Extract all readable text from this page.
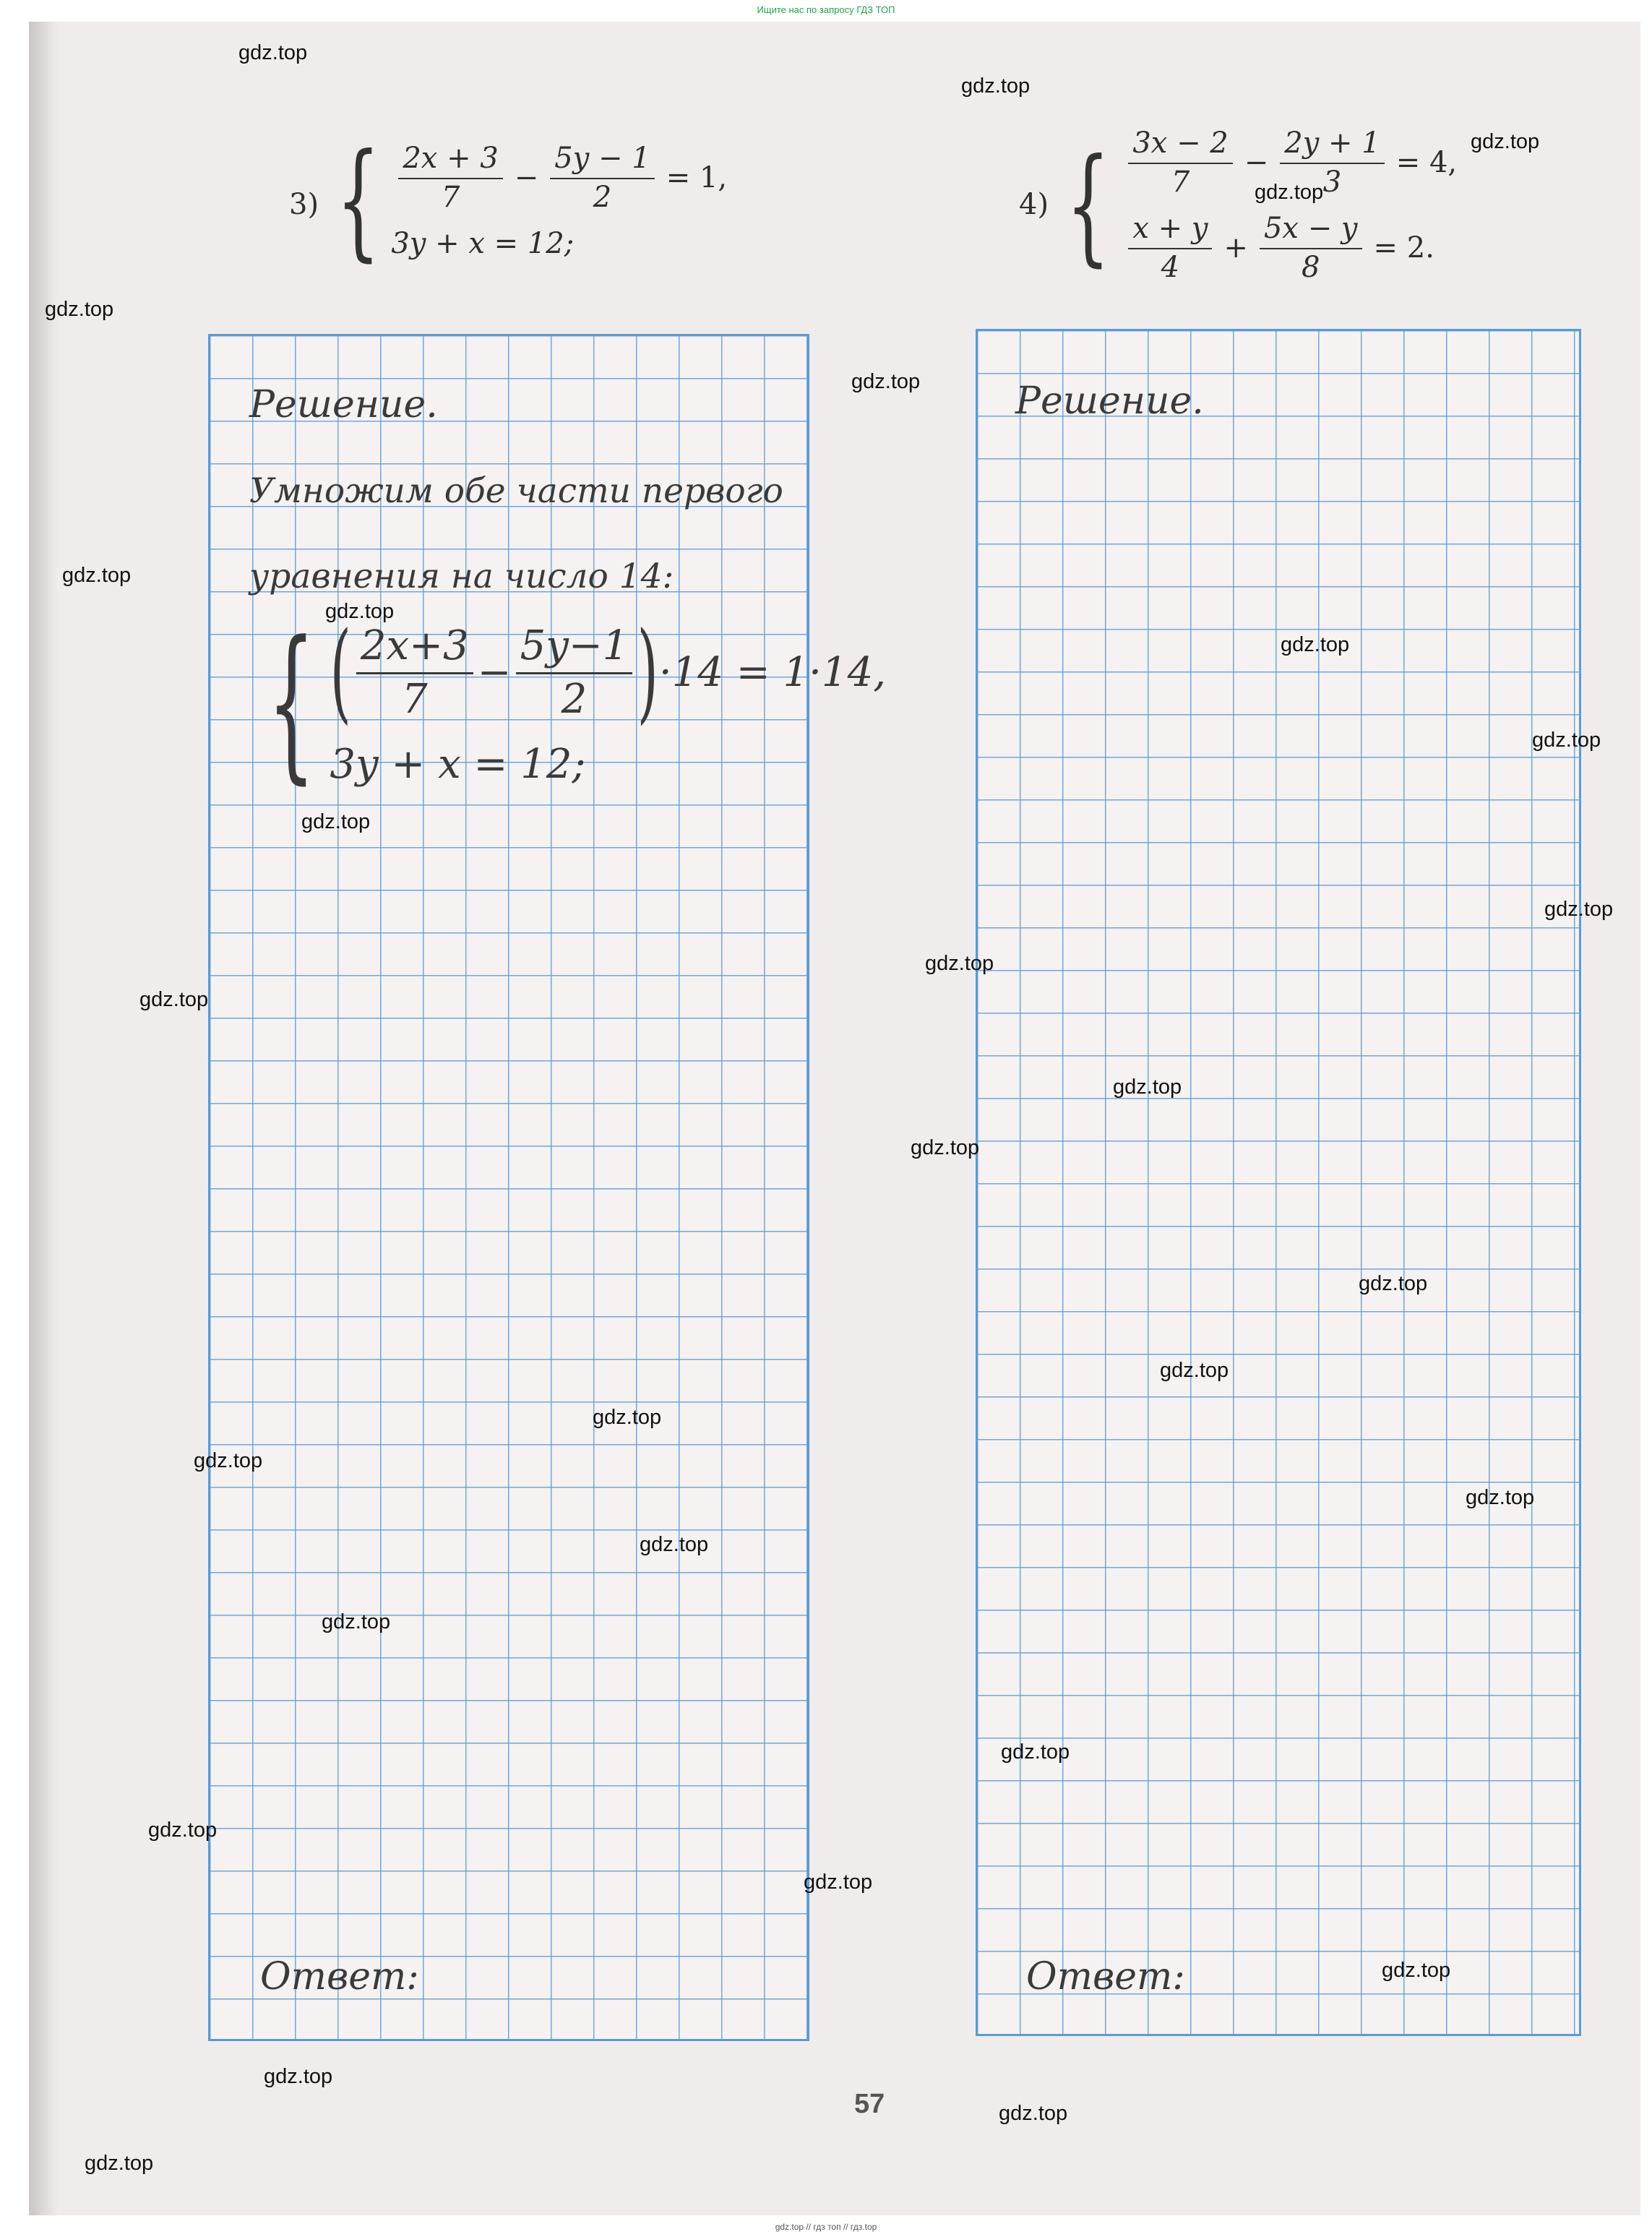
Ищите нас по запросу ГДЗ ТОП
3) { $\frac{2x + 3}{7} - \frac{5y - 1}{2} = 1$,
3y + x = 12;
4) { $\frac{3x - 2}{7} - \frac{2y + 1}{3} = 4$,
$\frac{x + y}{4} + \frac{5x - y}{8} = 2$.
Решение.
Умножим обе части первого
уравнения на число 14:
{ ( $\frac{2x+3}{7} - \frac{5y-1}{2}$ ) ·14 = 1·14,
3y + x = 12;
Ответ:
Решение.
Ответ:
57
gdz.top
gdz.top
gdz.top
gdz.top
gdz.top
gdz.top
gdz.top
gdz.top
gdz.top
gdz.top
gdz.top
gdz.top
gdz.top
gdz.top
gdz.top
gdz.top
gdz.top
gdz.top
gdz.top
gdz.top
gdz.top
gdz.top
gdz.top
gdz.top
gdz.top
gdz.top
gdz.top
gdz.top
gdz.top
gdz.top
gdz.top // гдз топ // гдз.top
